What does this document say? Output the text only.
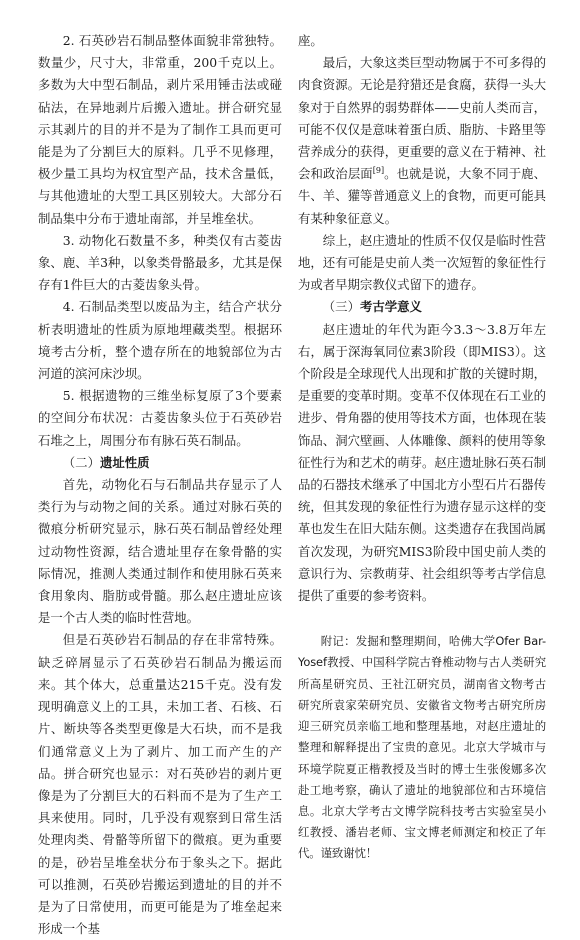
2. 石英砂岩石制品整体面貌非常独特。数量少，尺寸大，非常重，200千克以上。多数为大中型石制品，剥片采用锤击法或碰砧法，在异地剥片后搬入遗址。拼合研究显示其剥片的目的并不是为了制作工具而更可能是为了分割巨大的原料。几乎不见修理，极少量工具均为权宜型产品，技术含量低，与其他遗址的大型工具区别较大。大部分石制品集中分布于遗址南部，并呈堆垒状。

3. 动物化石数量不多，种类仅有古菱齿象、鹿、羊3种，以象类骨骼最多，尤其是保存有1件巨大的古菱齿象头骨。

4. 石制品类型以废品为主，结合产状分析表明遗址的性质为原地埋藏类型。根据环境考古分析，整个遗存所在的地貌部位为古河道的滨河床沙坝。

5. 根据遗物的三维坐标复原了3个要素的空间分布状况：古菱齿象头位于石英砂岩石堆之上，周围分布有脉石英石制品。

（二）遗址性质

首先，动物化石与石制品共存显示了人类行为与动物之间的关系。通过对脉石英的微痕分析研究显示，脉石英石制品曾经处理过动物性资源，结合遗址里存在象骨骼的实际情况，推测人类通过制作和使用脉石英来食用象肉、脂肪或骨髓。那么赵庄遗址应该是一个古人类的临时性营地。

但是石英砂岩石制品的存在非常特殊。缺乏碎屑显示了石英砂岩石制品为搬运而来。其个体大，总重量达215千克。没有发现明确意义上的工具，未加工者、石核、石片、断块等各类型更像是大石块，而不是我们通常意义上为了剥片、加工而产生的产品。拼合研究也显示：对石英砂岩的剥片更像是为了分割巨大的石料而不是为了生产工具来使用。同时，几乎没有观察到日常生活处理肉类、骨骼等所留下的微痕。更为重要的是，砂岩呈堆垒状分布于象头之下。据此可以推测，石英砂岩搬运到遗址的目的并不是为了日常使用，而更可能是为了堆垒起来形成一个基

座。

最后，大象这类巨型动物属于不可多得的肉食资源。无论是狩猎还是食腐，获得一头大象对于自然界的弱势群体——史前人类而言，可能不仅仅是意味着蛋白质、脂肪、卡路里等营养成分的获得，更重要的意义在于精神、社会和政治层面[9]。也就是说，大象不同于鹿、牛、羊、獾等普通意义上的食物，而更可能具有某种象征意义。

综上，赵庄遗址的性质不仅仅是临时性营地，还有可能是史前人类一次短暂的象征性行为或者早期宗教仪式留下的遗存。

（三）考古学意义

赵庄遗址的年代为距今3.3～3.8万年左右，属于深海氧同位素3阶段（即MIS3）。这个阶段是全球现代人出现和扩散的关键时期，是重要的变革时期。变革不仅体现在石工业的进步、骨角器的使用等技术方面，也体现在装饰品、洞穴壁画、人体雕像、颜料的使用等象征性行为和艺术的萌芽。赵庄遗址脉石英石制品的石器技术继承了中国北方小型石片石器传统，但其发现的象征性行为遗存显示这样的变革也发生在旧大陆东侧。这类遗存在我国尚属首次发现，为研究MIS3阶段中国史前人类的意识行为、宗教萌芽、社会组织等考古学信息提供了重要的参考资料。

附记：发掘和整理期间，哈佛大学Ofer Bar-Yosef教授、中国科学院古脊椎动物与古人类研究所高星研究员、王社江研究员，湖南省文物考古研究所袁家荣研究员、安徽省文物考古研究所房迎三研究员亲临工地和整理基地，对赵庄遗址的整理和解释提出了宝贵的意见。北京大学城市与环境学院夏正楷教授及当时的博士生张俊娜多次赴工地考察，确认了遗址的地貌部位和古环境信息。北京大学考古文博学院科技考古实验室吴小红教授、潘岩老师、宝文博老师测定和校正了年代。谨致谢忱！
